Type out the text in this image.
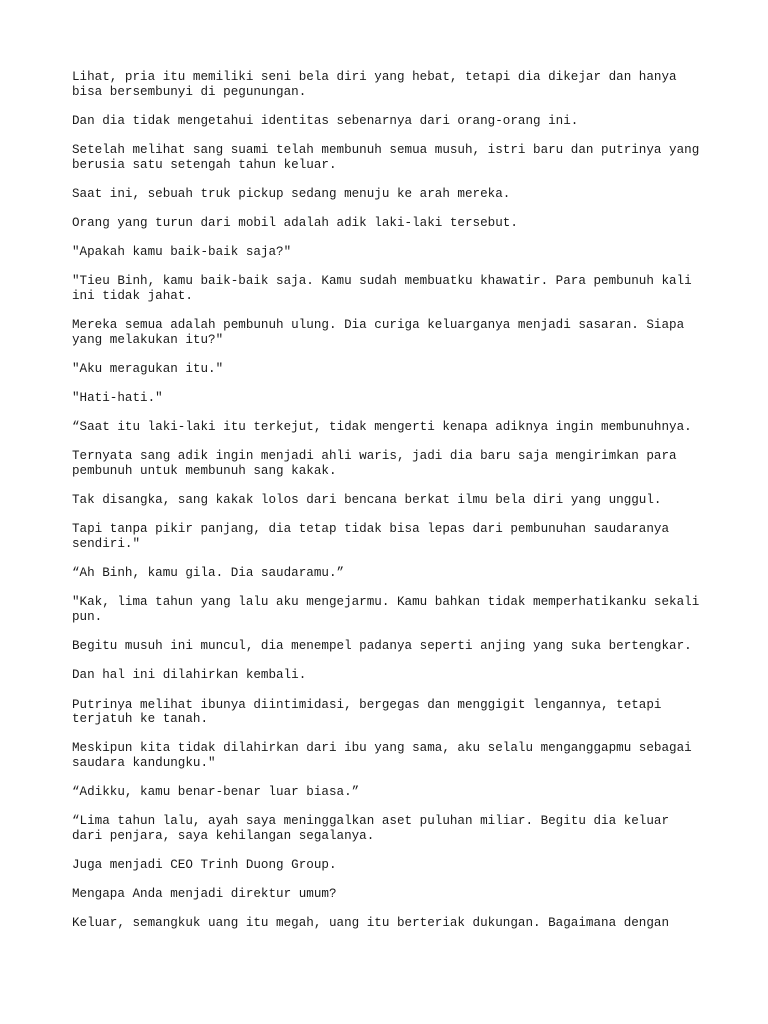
Lihat, pria itu memiliki seni bela diri yang hebat, tetapi dia dikejar dan hanya
bisa bersembunyi di pegunungan.

Dan dia tidak mengetahui identitas sebenarnya dari orang-orang ini.

Setelah melihat sang suami telah membunuh semua musuh, istri baru dan putrinya yang
berusia satu setengah tahun keluar.

Saat ini, sebuah truk pickup sedang menuju ke arah mereka.

Orang yang turun dari mobil adalah adik laki-laki tersebut.

"Apakah kamu baik-baik saja?"

"Tieu Binh, kamu baik-baik saja. Kamu sudah membuatku khawatir. Para pembunuh kali
ini tidak jahat.

Mereka semua adalah pembunuh ulung. Dia curiga keluarganya menjadi sasaran. Siapa
yang melakukan itu?"

"Aku meragukan itu."

"Hati-hati."

“Saat itu laki-laki itu terkejut, tidak mengerti kenapa adiknya ingin membunuhnya.

Ternyata sang adik ingin menjadi ahli waris, jadi dia baru saja mengirimkan para
pembunuh untuk membunuh sang kakak.

Tak disangka, sang kakak lolos dari bencana berkat ilmu bela diri yang unggul.

Tapi tanpa pikir panjang, dia tetap tidak bisa lepas dari pembunuhan saudaranya
sendiri."

“Ah Binh, kamu gila. Dia saudaramu.”

"Kak, lima tahun yang lalu aku mengejarmu. Kamu bahkan tidak memperhatikanku sekali
pun.

Begitu musuh ini muncul, dia menempel padanya seperti anjing yang suka bertengkar.

Dan hal ini dilahirkan kembali.

Putrinya melihat ibunya diintimidasi, bergegas dan menggigit lengannya, tetapi
terjatuh ke tanah.

Meskipun kita tidak dilahirkan dari ibu yang sama, aku selalu menganggapmu sebagai
saudara kandungku."

“Adikku, kamu benar-benar luar biasa.”

“Lima tahun lalu, ayah saya meninggalkan aset puluhan miliar. Begitu dia keluar
dari penjara, saya kehilangan segalanya.

Juga menjadi CEO Trinh Duong Group.

Mengapa Anda menjadi direktur umum?

Keluar, semangkuk uang itu megah, uang itu berteriak dukungan. Bagaimana dengan
